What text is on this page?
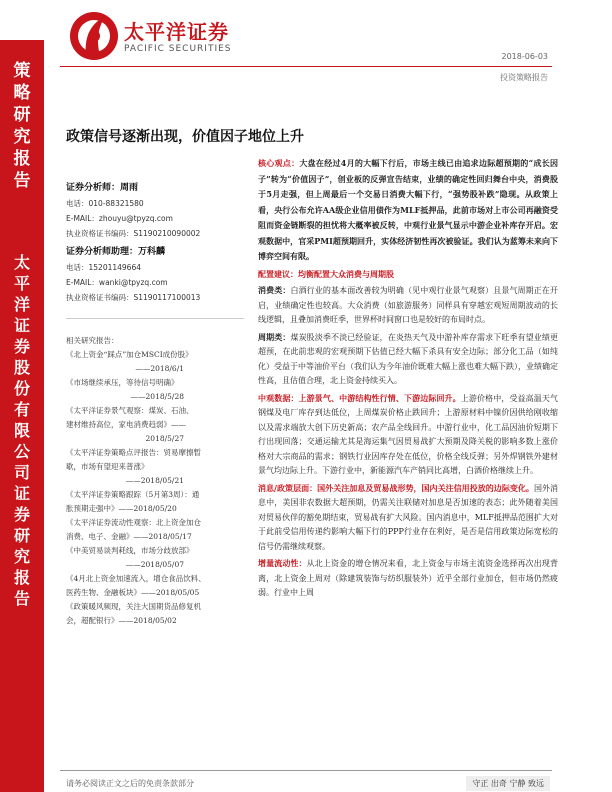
策
略
研
究
报
告
太
平
洋
证
券
股
份
有
限
公
司
证
券
研
究
报
告
太平洋证券
PACIFIC SECURITIES
2018-06-03
投资策略报告
政策信号逐渐出现，价值因子地位上升
证券分析师：周雨
电话：010-88321580
E-MAIL：zhouyu@tpyzq.com
执业资格证书编码：S1190210090002
证券分析师助理：万科麟
电话：15201149664
E-MAIL：wanki@tpyzq.com
执业资格证书编码：S1190117100013
相关研究报告：
《北上资金“踩点”加仓MSCI成份股》
——2018/6/1
《市场继续承压，等待信号明确》
——2018/5/28
《太平洋证券景气观察：煤炭、石油、
建材维持高位，家电消费趋弱》——
2018/5/27
《太平洋证券策略点评报告：贸易摩擦暂
歇，市场有望迎来普涨》
——2018/05/21
《太平洋证券策略跟踪（5月第3周）：通
胀预期走强中》——2018/05/20
《太平洋证券流动性观察：北上资金加仓
消费、电子、金融》——2018/05/17
《中美贸易谈判耗线，市场分歧放部》
——2018/05/07
《4月北上资金加速流入，增仓食品饮料、
医药生物、金融板块》——2018/05/05
《政策暖风频现，关注大国期货品修复机
会，超配银行》——2018/05/02

核心观点：大盘在经过4月的大幅下行后，市场主线已由追求边际超预期的“成长因子”转为“价值因子”，创业板的反弹宣告结束，业绩的确定性回归舞台中央，消费股于5月走强，但上周最后一个交易日消费大幅下行，“强势股补跌”隐现。从政策上看，央行公布允许AA级企业信用债作为MLF抵押品，此前市场对上市公司再融资受阻而资金链断裂的担忧将大概率被反转，中观行业景气显示中游企业补库存开启。宏观数据中，官采PMI超预期回升，实体经济韧性再次被验证。我们认为蓝筹未来向下博弈空间有限。

配置建议：均衡配置大众消费与周期股

消费类：白酒行业的基本面改善较为明确（见中观行业景气观察）且景气周期正在开启，业绩确定性也较高。大众消费（如旅游服务）同样具有穿越宏观短周期波动的长线逻辑，且叠加消费旺季，世界杯时间窗口也是较好的布局时点。

周期类：煤炭股淡季不淡已经验证，在炎热天气及中游补库存需求下旺季有望业绩更超预，在此前悲观的宏观预期下估值已经大幅下杀具有安全边际；部分化工品（如纯化）受益于中等油价平台（我们认为今年油价既难大幅上涨也难大幅下跌），业绩确定性高，且估值合理，北上资金持续买入。

中观数据：上游景气、中游结构性行情、下游边际回升。上游价格中，受益高温天气钢煤及电厂库存到达低位，上周煤炭价格止跌回升；上游原材料中镍价因供给刚收缩以及需求端放大创下历史新高；农产品全线回升。中游行业中，化工品因油价短期下行出现回落；交通运输尤其是海运集气因贸易战扩大预期及降关税的影响多数上涨价格对大宗商品的需求；钢铁行业因库存处在低位，价格全线反弹；另外焊钢铁外建材景气均边际上升。下游行业中，新能源汽车产销同比高增，白酒价格继续上升。

消息/政策层面：国外关注加息及贸易战形势，国内关注信用投放的边际变化。国外消息中，美国非农数据大超预期，仍需关注联储对加息是否加速的表态；此外随着美国对贸易伙伴的豁免期结束，贸易战有扩大风险。国内消息中，MLF抵押品范围扩大对于此前受信用传递约影响大幅下行的PPP行业存在利好，是否是信用政策边际宽松的信号仍需继续观察。

增量流动性：从北上资金的增仓情况来看，北上资金与市场主流资金选择再次出现背离，北上资金上周对（除建筑装饰与纺织服装外）近乎全部行业加仓，但市场仍然疲弱。行业中上周

请务必阅读正文之后的免责条款部分	守正 出奇 宁静 致远
